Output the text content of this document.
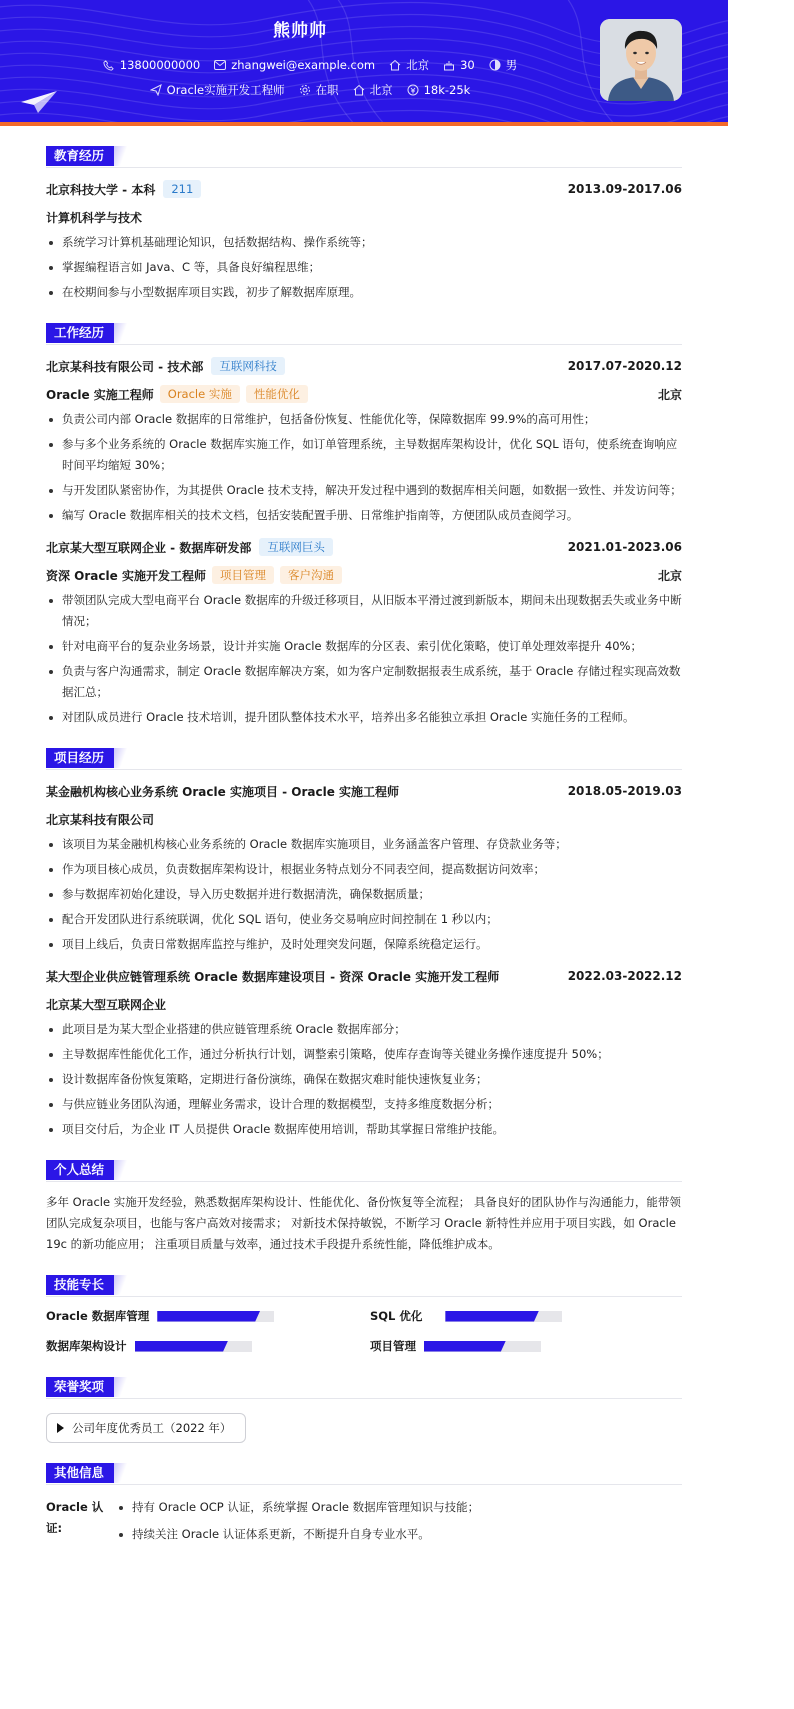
熊帅帅
13800000000	zhangwei@example.com	北京	30	男
Oracle实施开发工程师	在职	北京	18k-25k
教育经历
北京科技大学 - 本科	211	2013.09-2017.06
计算机科学与技术
系统学习计算机基础理论知识，包括数据结构、操作系统等；
掌握编程语言如 Java、C 等，具备良好编程思维；
在校期间参与小型数据库项目实践，初步了解数据库原理。
工作经历
北京某科技有限公司 - 技术部	互联网科技	2017.07-2020.12
Oracle 实施工程师	Oracle 实施	性能优化	北京
负责公司内部 Oracle 数据库的日常维护，包括备份恢复、性能优化等，保障数据库 99.9%的高可用性；
参与多个业务系统的 Oracle 数据库实施工作，如订单管理系统，主导数据库架构设计，优化 SQL 语句，使系统查询响应时间平均缩短 30%；
与开发团队紧密协作，为其提供 Oracle 技术支持，解决开发过程中遇到的数据库相关问题，如数据一致性、并发访问等；
编写 Oracle 数据库相关的技术文档，包括安装配置手册、日常维护指南等，方便团队成员查阅学习。
北京某大型互联网企业 - 数据库研发部	互联网巨头	2021.01-2023.06
资深 Oracle 实施开发工程师	项目管理	客户沟通	北京
带领团队完成大型电商平台 Oracle 数据库的升级迁移项目，从旧版本平滑过渡到新版本，期间未出现数据丢失或业务中断情况；
针对电商平台的复杂业务场景，设计并实施 Oracle 数据库的分区表、索引优化策略，使订单处理效率提升 40%；
负责与客户沟通需求，制定 Oracle 数据库解决方案，如为客户定制数据报表生成系统，基于 Oracle 存储过程实现高效数据汇总；
对团队成员进行 Oracle 技术培训，提升团队整体技术水平，培养出多名能独立承担 Oracle 实施任务的工程师。
项目经历
某金融机构核心业务系统 Oracle 实施项目 - Oracle 实施工程师	2018.05-2019.03
北京某科技有限公司
该项目为某金融机构核心业务系统的 Oracle 数据库实施项目，业务涵盖客户管理、存贷款业务等；
作为项目核心成员，负责数据库架构设计，根据业务特点划分不同表空间，提高数据访问效率；
参与数据库初始化建设，导入历史数据并进行数据清洗，确保数据质量；
配合开发团队进行系统联调，优化 SQL 语句，使业务交易响应时间控制在 1 秒以内；
项目上线后，负责日常数据库监控与维护，及时处理突发问题，保障系统稳定运行。
某大型企业供应链管理系统 Oracle 数据库建设项目 - 资深 Oracle 实施开发工程师	2022.03-2022.12
北京某大型互联网企业
此项目是为某大型企业搭建的供应链管理系统 Oracle 数据库部分；
主导数据库性能优化工作，通过分析执行计划，调整索引策略，使库存查询等关键业务操作速度提升 50%；
设计数据库备份恢复策略，定期进行备份演练，确保在数据灾难时能快速恢复业务；
与供应链业务团队沟通，理解业务需求，设计合理的数据模型，支持多维度数据分析；
项目交付后，为企业 IT 人员提供 Oracle 数据库使用培训，帮助其掌握日常维护技能。
个人总结

多年 Oracle 实施开发经验，熟悉数据库架构设计、性能优化、备份恢复等全流程； 具备良好的团队协作与沟通能力，能带领团队完成复杂项目，也能与客户高效对接需求； 对新技术保持敏锐，不断学习 Oracle 新特性并应用于项目实践，如 Oracle 19c 的新功能应用； 注重项目质量与效率，通过技术手段提升系统性能，降低维护成本。

技能专长
Oracle 数据库管理	SQL 优化
数据库架构设计	项目管理
荣誉奖项
公司年度优秀员工（2022 年）
其他信息
Oracle 认证:
持有 Oracle OCP 认证，系统掌握 Oracle 数据库管理知识与技能；
持续关注 Oracle 认证体系更新，不断提升自身专业水平。
